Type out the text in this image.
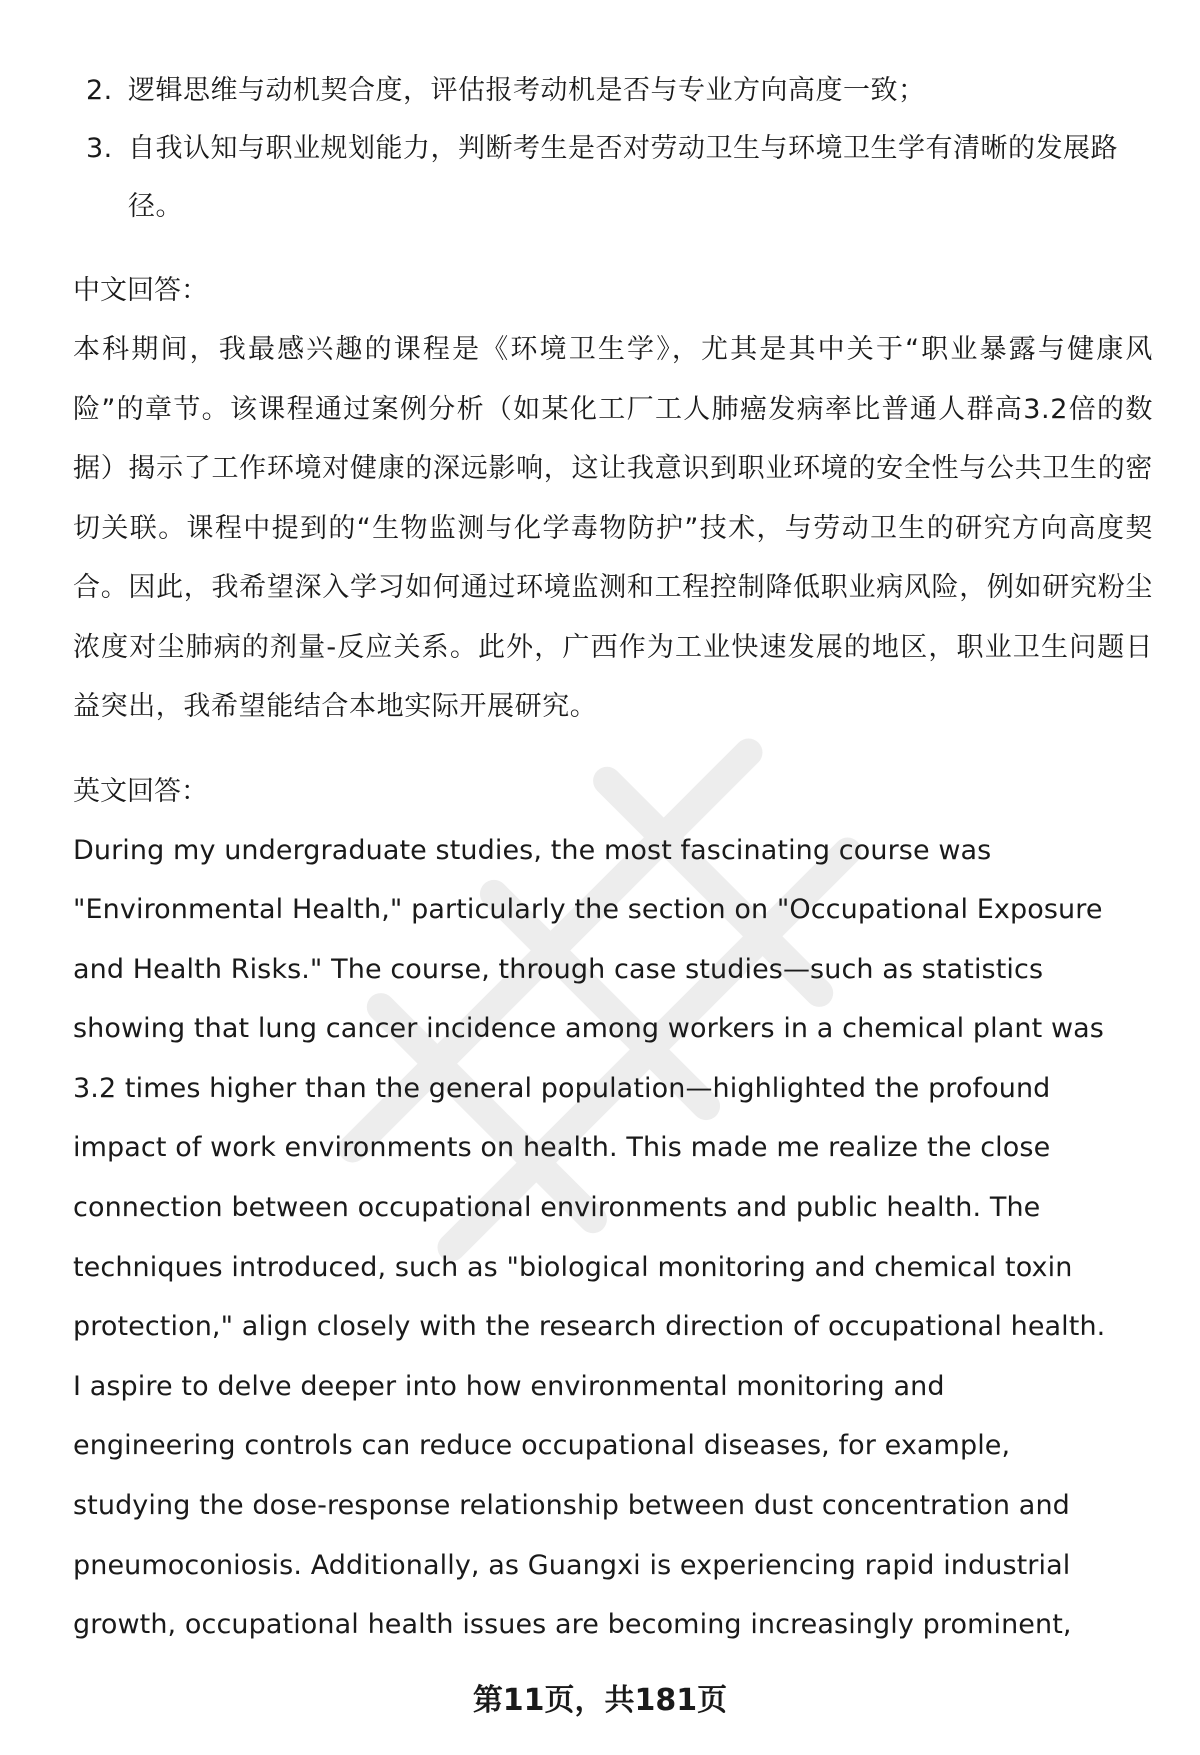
2. 逻辑思维与动机契合度，评估报考动机是否与专业方向高度一致；
3. 自我认知与职业规划能力，判断考生是否对劳动卫生与环境卫生学有清晰的发展路径。
中文回答：

本科期间，我最感兴趣的课程是《环境卫生学》，尤其是其中关于“职业暴露与健康风险”的章节。该课程通过案例分析（如某化工厂工人肺癌发病率比普通人群高3.2倍的数据）揭示了工作环境对健康的深远影响，这让我意识到职业环境的安全性与公共卫生的密切关联。课程中提到的“生物监测与化学毒物防护”技术，与劳动卫生的研究方向高度契合。因此，我希望深入学习如何通过环境监测和工程控制降低职业病风险，例如研究粉尘浓度对尘肺病的剂量-反应关系。此外，广西作为工业快速发展的地区，职业卫生问题日益突出，我希望能结合本地实际开展研究。

英文回答：
During my undergraduate studies, the most fascinating course was
"Environmental Health," particularly the section on "Occupational Exposure
and Health Risks." The course, through case studies—such as statistics
showing that lung cancer incidence among workers in a chemical plant was
3.2 times higher than the general population—highlighted the profound
impact of work environments on health. This made me realize the close
connection between occupational environments and public health. The
techniques introduced, such as "biological monitoring and chemical toxin
protection," align closely with the research direction of occupational health.
I aspire to delve deeper into how environmental monitoring and
engineering controls can reduce occupational diseases, for example,
studying the dose-response relationship between dust concentration and
pneumoconiosis. Additionally, as Guangxi is experiencing rapid industrial
growth, occupational health issues are becoming increasingly prominent,
第11页，共181页
